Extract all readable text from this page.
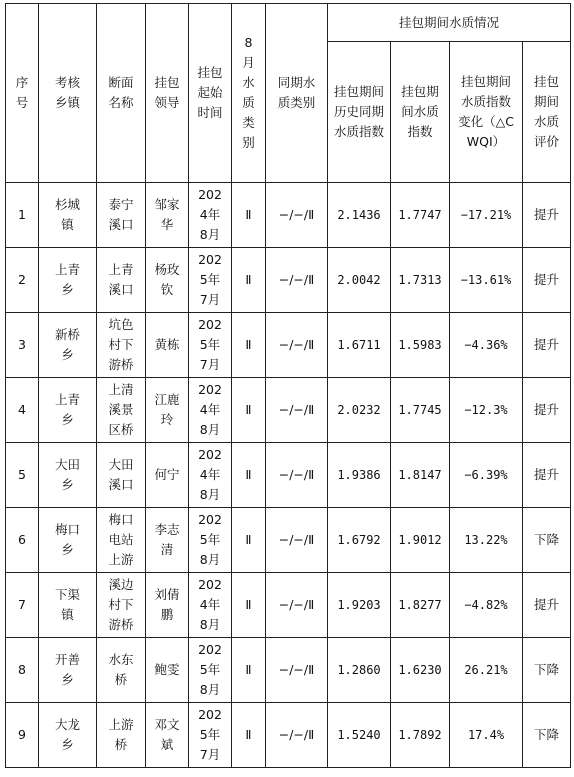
序号	考核乡镇	断面名称	挂包领导	挂包起始时间	8月水质类别	同期水质类别	挂包期间水质情况			
							挂包期间历史同期水质指数	挂包期间水质指数	挂包期间水质指数变化（△CWQI）	挂包期间水质评价
1	杉城镇	泰宁溪口	邹家华	2024年8月	Ⅱ	−/−/Ⅱ	2.1436	1.7747	−17.21%	提升
2	上青乡	上青溪口	杨玫钦	2025年7月	Ⅱ	−/−/Ⅱ	2.0042	1.7313	−13.61%	提升
3	新桥乡	坑色村下游桥	黄栋	2025年7月	Ⅱ	−/−/Ⅱ	1.6711	1.5983	−4.36%	提升
4	上青乡	上清溪景区桥	江鹿玲	2024年8月	Ⅱ	−/−/Ⅱ	2.0232	1.7745	−12.3%	提升
5	大田乡	大田溪口	何宁	2024年8月	Ⅱ	−/−/Ⅱ	1.9386	1.8147	−6.39%	提升
6	梅口乡	梅口电站上游	李志清	2025年8月	Ⅱ	−/−/Ⅱ	1.6792	1.9012	13.22%	下降
7	下渠镇	溪边村下游桥	刘倩鹏	2024年8月	Ⅱ	−/−/Ⅱ	1.9203	1.8277	−4.82%	提升
8	开善乡	水东桥	鲍雯	2025年8月	Ⅱ	−/−/Ⅱ	1.2860	1.6230	26.21%	下降
9	大龙乡	上游桥	邓文斌	2025年7月	Ⅱ	−/−/Ⅱ	1.5240	1.7892	17.4%	下降
